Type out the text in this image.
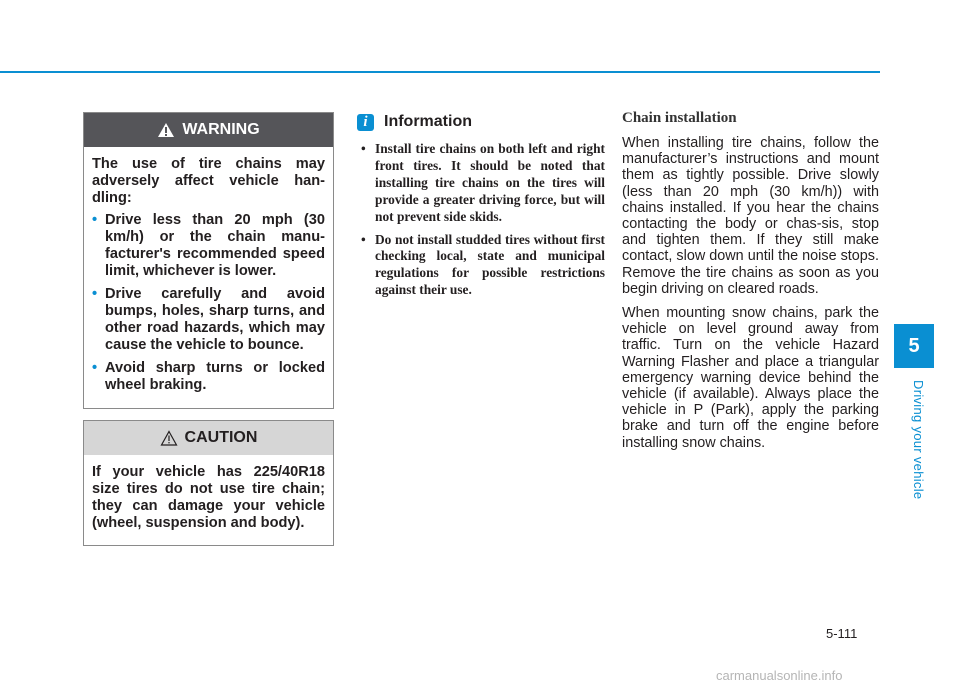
WARNING

The use of tire chains may adversely affect vehicle han-dling:

• Drive less than 20 mph (30 km/h) or the chain manu-facturer's recommended speed limit, whichever is lower.
• Drive carefully and avoid bumps, holes, sharp turns, and other road hazards, which may cause the vehicle to bounce.
• Avoid sharp turns or locked wheel braking.
CAUTION

If your vehicle has 225/40R18 size tires do not use tire chain; they can damage your vehicle (wheel, suspension and body).

i	Information
• Install tire chains on both left and right front tires. It should be noted that installing tire chains on the tires will provide a greater driving force, but will not prevent side skids.
• Do not install studded tires without first checking local, state and municipal regulations for possible restrictions against their use.
Chain installation

When installing tire chains, follow the manufacturer’s instructions and mount them as tightly possible. Drive slowly (less than 20 mph (30 km/h)) with chains installed. If you hear the chains contacting the body or chas-sis, stop and tighten them. If they still make contact, slow down until the noise stops. Remove the tire chains as soon as you begin driving on cleared roads.

When mounting snow chains, park the vehicle on level ground away from traffic. Turn on the vehicle Hazard Warning Flasher and place a triangular emergency warning device behind the vehicle (if available). Always place the vehicle in P (Park), apply the parking brake and turn off the engine before installing snow chains.

5
Driving your vehicle
5-111
carmanualsonline.info
